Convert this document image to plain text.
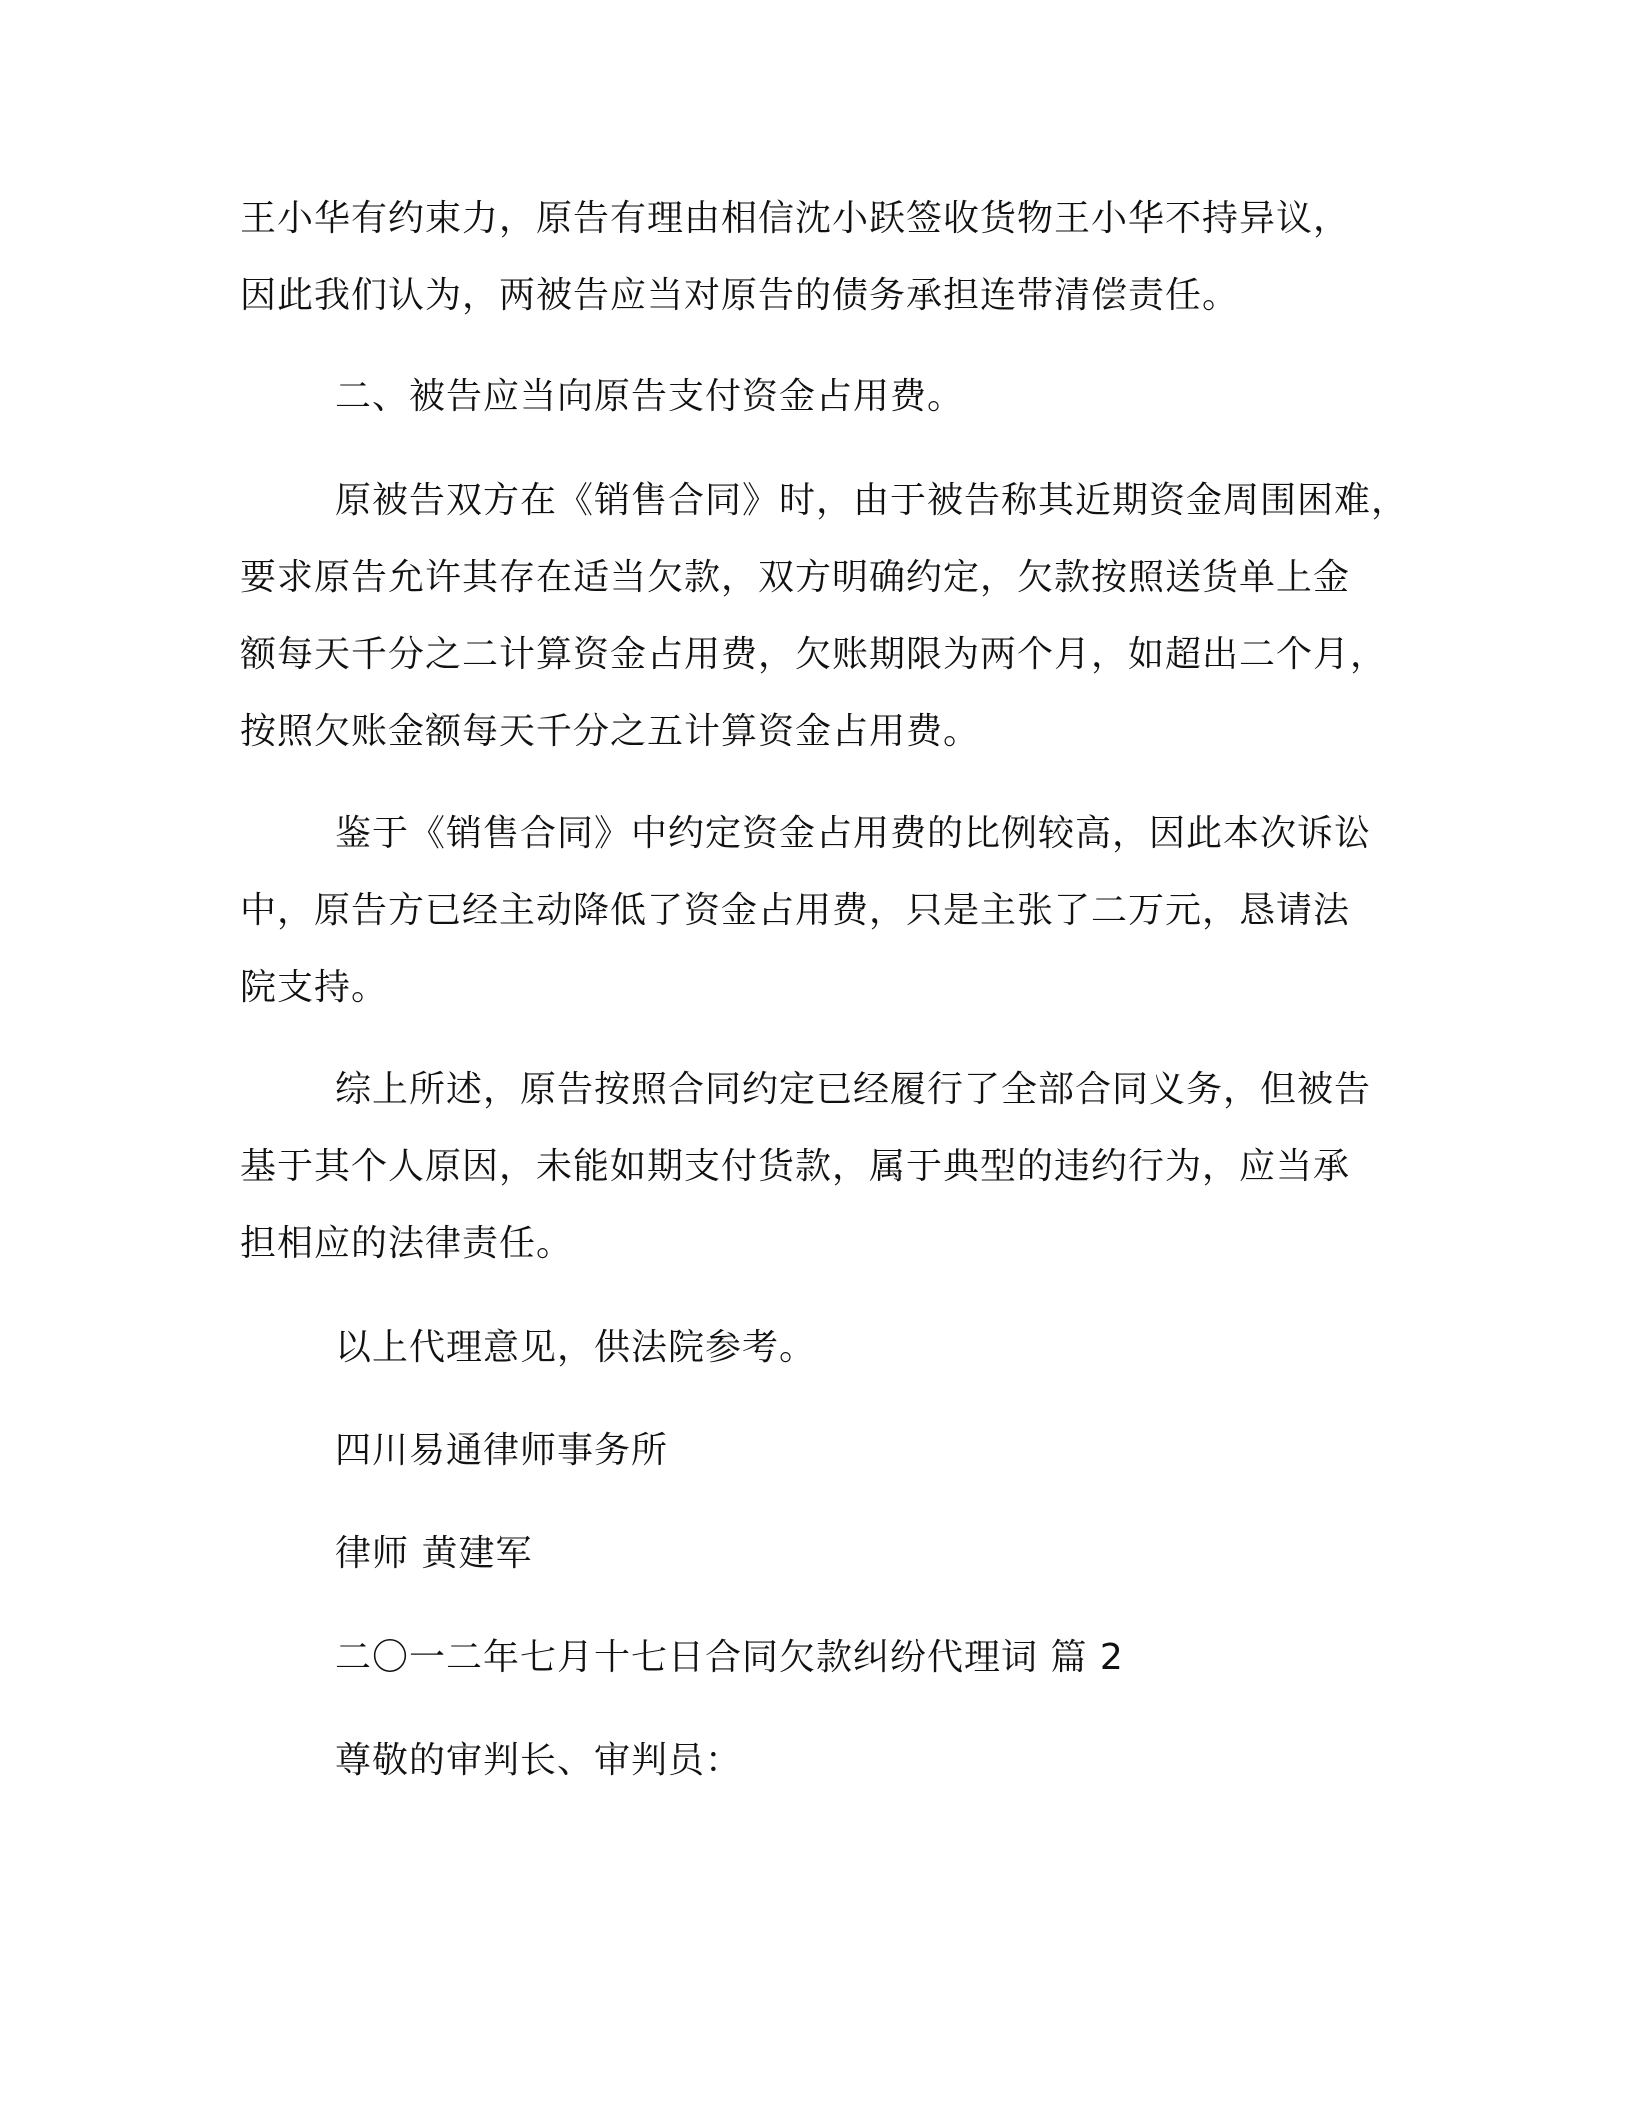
王小华有约束力，原告有理由相信沈小跃签收货物王小华不持异议，
因此我们认为，两被告应当对原告的债务承担连带清偿责任。
二、被告应当向原告支付资金占用费。
原被告双方在《销售合同》时，由于被告称其近期资金周围困难，
要求原告允许其存在适当欠款，双方明确约定，欠款按照送货单上金
额每天千分之二计算资金占用费，欠账期限为两个月，如超出二个月，
按照欠账金额每天千分之五计算资金占用费。
鉴于《销售合同》中约定资金占用费的比例较高，因此本次诉讼
中，原告方已经主动降低了资金占用费，只是主张了二万元，恳请法
院支持。
综上所述，原告按照合同约定已经履行了全部合同义务，但被告
基于其个人原因，未能如期支付货款，属于典型的违约行为，应当承
担相应的法律责任。
以上代理意见，供法院参考。
四川易通律师事务所
律师 黄建军
二〇一二年七月十七日合同欠款纠纷代理词 篇 2
尊敬的审判长、审判员：
